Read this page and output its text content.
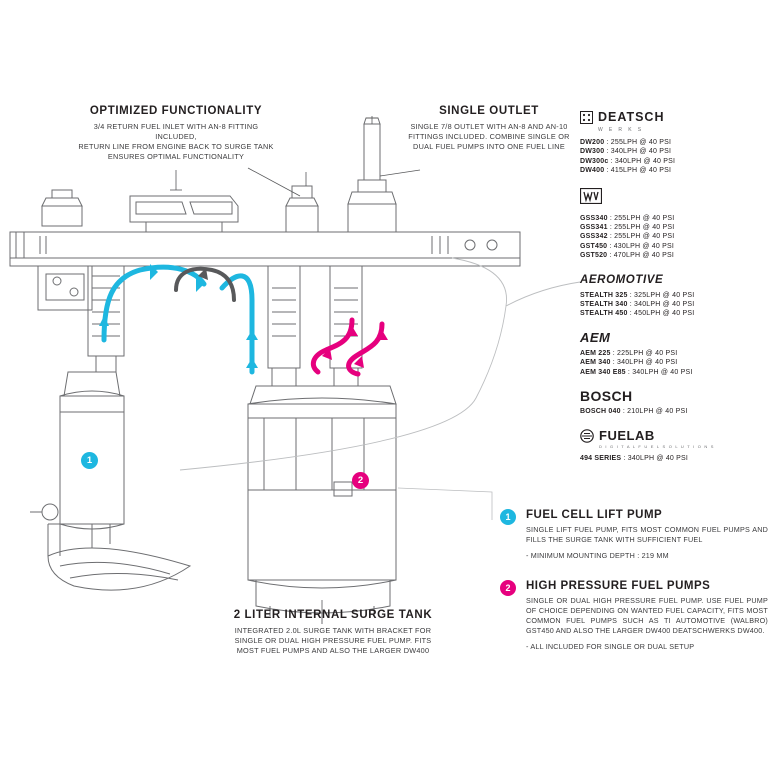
OPTIMIZED FUNCTIONALITY
3/4 RETURN FUEL INLET WITH AN-8 FITTING INCLUDED,
RETURN LINE FROM ENGINE BACK TO SURGE TANK
ENSURES OPTIMAL FUNCTIONALITY
SINGLE OUTLET
SINGLE 7/8 OUTLET WITH AN-8 AND AN-10
FITTINGS INCLUDED. COMBINE SINGLE OR
DUAL FUEL PUMPS INTO ONE FUEL LINE
2 LITER INTERNAL SURGE TANK
INTEGRATED 2.0L SURGE TANK WITH BRACKET FOR
SINGLE OR DUAL HIGH PRESSURE FUEL PUMP. FITS
MOST FUEL PUMPS AND ALSO THE LARGER DW400
1
2
DEATSCH
W E R K S
DW200 : 255LPH @ 40 PSI
DW300 : 340LPH @ 40 PSI
DW300c : 340LPH @ 40 PSI
DW400 : 415LPH @ 40 PSI
GSS340 : 255LPH @ 40 PSI
GSS341 : 255LPH @ 40 PSI
GSS342 : 255LPH @ 40 PSI
GST450 : 430LPH @ 40 PSI
GST520 : 470LPH @ 40 PSI
AEROMOTIVE
STEALTH 325 : 325LPH @ 40 PSI
STEALTH 340 : 340LPH @ 40 PSI
STEALTH 450 : 450LPH @ 40 PSI
AEM
AEM 225 : 225LPH @ 40 PSI
AEM 340 : 340LPH @ 40 PSI
AEM 340 E85 : 340LPH @ 40 PSI
BOSCH
BOSCH 040 : 210LPH @ 40 PSI
FUELAB
D I G I T A L F U E L S O L U T I O N S
494 SERIES : 340LPH @ 40 PSI
1	FUEL CELL LIFT PUMP
SINGLE LIFT FUEL PUMP, FITS MOST COMMON FUEL PUMPS AND FILLS THE SURGE TANK WITH SUFFICIENT FUEL
- MINIMUM MOUNTING DEPTH : 219 MM
2	HIGH PRESSURE FUEL PUMPS
SINGLE OR DUAL HIGH PRESSURE FUEL PUMP. USE FUEL PUMP OF CHOICE DEPENDING ON WANTED FUEL CAPACITY, FITS MOST COMMON FUEL PUMPS SUCH AS TI AUTOMOTIVE (WALBRO) GST450 AND ALSO THE LARGER DW400 DEATSCHWERKS DW400.
- ALL INCLUDED FOR SINGLE OR DUAL SETUP
